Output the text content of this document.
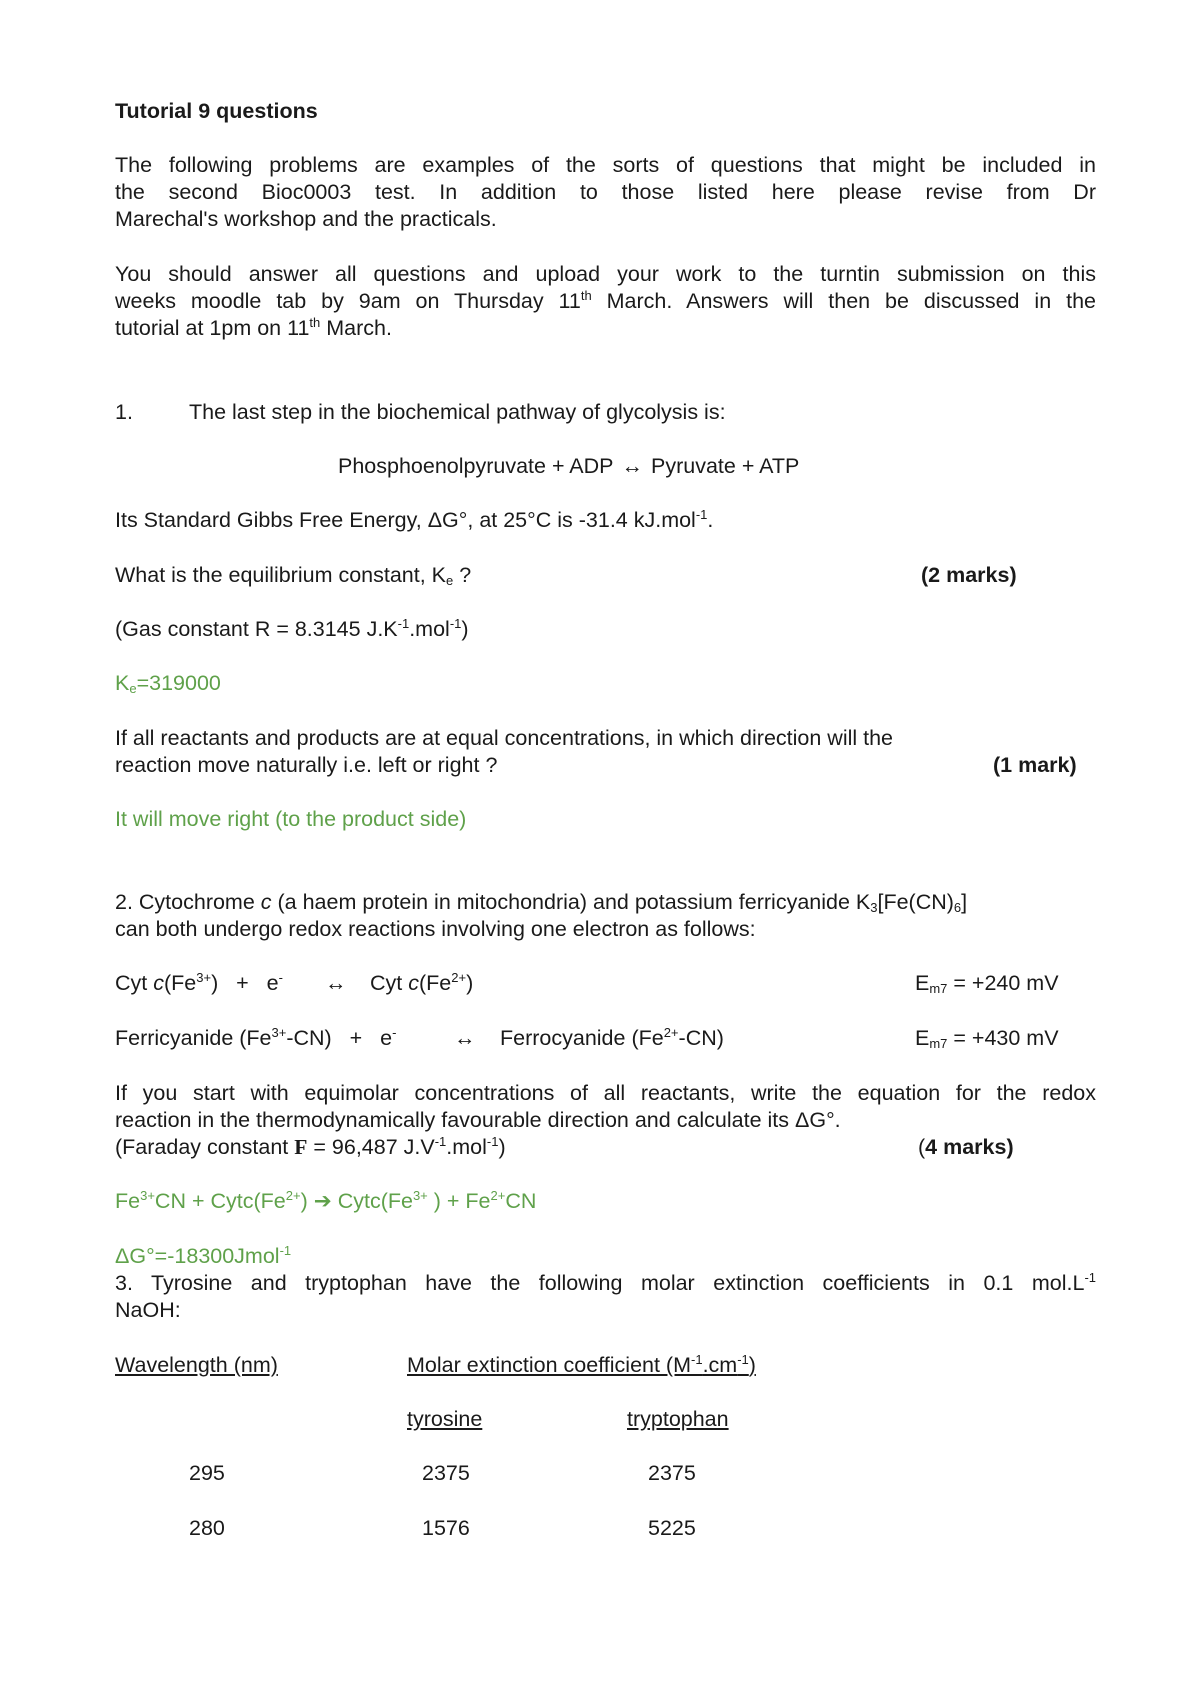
Tutorial 9 questions
The following problems are examples of the sorts of questions that might be included in
the second Bioc0003 test. In addition to those listed here please revise from Dr
Marechal's workshop and the practicals.
You should answer all questions and upload your work to the turntin submission on this
weeks moodle tab by 9am on Thursday 11th March. Answers will then be discussed in the
tutorial at 1pm on 11th March.
1.	The last step in the biochemical pathway of glycolysis is:
Phosphoenolpyruvate + ADP ↔ Pyruvate + ATP
Its Standard Gibbs Free Energy, ΔG°, at 25°C is -31.4 kJ.mol$^{-1}$.
What is the equilibrium constant, $K_e$ ?	(2 marks)
(Gas constant R = 8.3145 $J.K^{-1}.mol^{-1}$)
$K_e=319000$
If all reactants and products are at equal concentrations, in which direction will the
reaction move naturally i.e. left or right ?	(1 mark)
It will move right (to the product side)
2. Cytochrome c (a haem protein in mitochondria) and potassium ferricyanide $K_3[Fe(CN)_6]$
can both undergo redox reactions involving one electron as follows:
Cyt $c(Fe^{3+}) + e^-$ ↔ Cyt $c(Fe^{2+})$	$E_{m7} = +240$ mV
Ferricyanide $(Fe^{3+}-CN) + e^-$	↔ Ferrocyanide $(Fe^{2+}-CN)$	$E_{m7} = +430$ mV
If you start with equimolar concentrations of all reactants, write the equation for the redox
reaction in the thermodynamically favourable direction and calculate its ΔG°.
(Faraday constant F = 96,487 $J.V^{-1}.mol^{-1}$)	(4 marks)
$Fe^{3+}CN$ + $Cytc(Fe^{2+})$ ➔ $Cytc(Fe^{3+}$ ) + $Fe^{2+}CN$
ΔG°=-18300Jmol$^{-1}$
3. Tyrosine and tryptophan have the following molar extinction coefficients in 0.1 $mol.L^{-1}$
NaOH:
Wavelength (nm)	Molar extinction coefficient $(M^{-1}.cm^{-1})$
tyrosine	tryptophan
295	2375	2375
280	1576	5225
